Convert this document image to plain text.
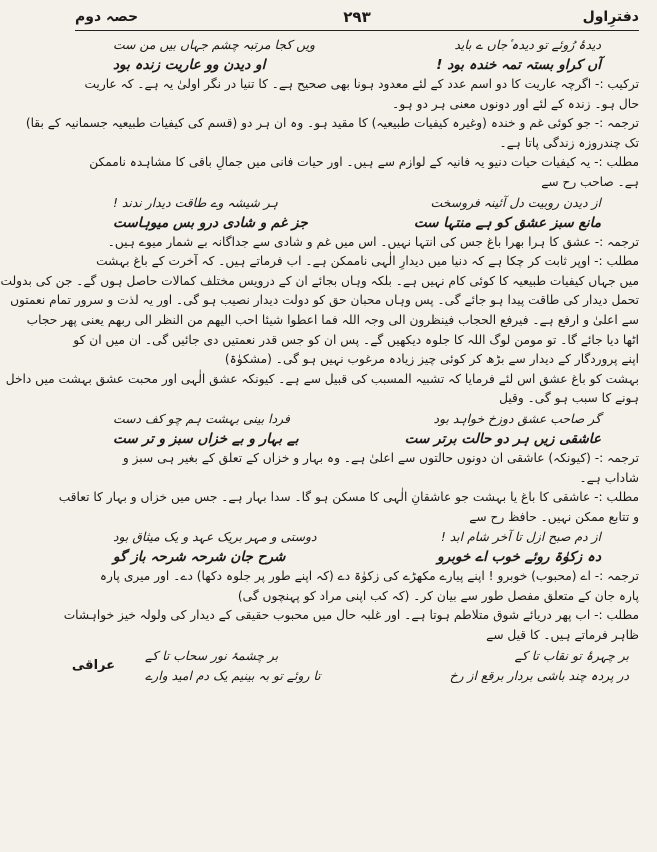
دفترِاول
۲۹۳
حصہ دوم
دیدۂ رُوئے تو دیدہ ٔجاں ے باید
ویں کجا مرتبہ چشم جہاں بیں من ست
آں کراو بستہ تمہ خندہ بود !
او دیدن وو عاریت زندہ بود
ترکیب :- اگرچہ عاریت کا دو اسم عدد کے لئے معدود ہونا بھی صحیح ہے۔ کا تنیا در نگر اولیٰ یہ ہے۔ کہ عاریت
حال ہو۔ زندہ کے لئے اور دونوں معنی ہر دو ہو۔
ترجمہ :- جو کوئی غم و خندہ (وغیرہ کیفیات طبیعیہ) کا مقید ہو۔ وہ ان ہر دو (قسم کی کیفیات طبیعیہ جسمانیہ کے بقا)
تک چندروزہ زندگی پاتا ہے۔
مطلب :- یہ کیفیات حیات دنیو یہ فانیہ کے لوازم سے ہیں۔ اور حیات فانی میں جمالِ باقی کا مشاہدہ ناممکن
ہے۔ صاحب رح سے
از دیدن روبیت دل آئینہ فروسخت
ہر شیشہ وے طاقت دیدار ندند !
مانع سبز عشق کو ہے منتہا ست
جز غم و شادی درو بس میوہاست
ترجمہ :- عشق کا ہرا بھرا باغ جس کی انتہا نہیں۔ اس میں غم و شادی سے جداگانہ بے شمار میوے ہیں۔
مطلب :- اوپر ثابت کر چکا ہے کہ دنیا میں دیدارِ الٰہی ناممکن ہے۔ اب فرماتے ہیں۔ کہ آخرت کے باغ بہشت
میں جہاں کیفیات طبیعیہ کا کوئی کام نہیں ہے۔ بلکہ وہاں بجائے ان کے درویس مختلف کمالات حاصل ہوں گے۔ جن کی بدولت
تحمل دیدار کی طاقت پیدا ہو جائے گی۔ پس وہاں محبان حق کو دولت دیدار نصیب ہو گی۔ اور یہ لذت و سرور تمام نعمتوں
سے اعلیٰ و ارفع ہے۔ فیرفع الحجاب فینظرون الی وجہ اللہ فما اعطوا شیئا احب الیھم من النظر الی ربھم یعنی پھر حجاب
اٹھا دیا جائے گا۔ تو مومن لوگ اللہ کا جلوہ دیکھیں گے۔ پس ان کو جس قدر نعمتیں دی جائیں گی۔ ان میں ان کو
اپنے پروردگار کے دیدار سے بڑھ کر کوئی چیز زیادہ مرغوب نہیں ہو گی۔ (مشکوٰۃ)
بہشت کو باغ عشق اس لئے فرمایا کہ تشبیہ المسبب کی قبیل سے ہے۔ کیونکہ عشق الٰہی اور محبت عشق بہشت میں داخل
ہونے کا سبب ہو گی۔ وقیل
گر صاحب عشق دوزخ خواہد بود
فردا بینی بہشت ہم چو کف دست
عاشقی زیں ہر دو حالت برتر ست
بے بہار و بے خزاں سبز و تر ست
ترجمہ :- (کیونکہ) عاشقی ان دونوں حالتوں سے اعلیٰ ہے۔ وہ بہار و خزاں کے تعلق کے بغیر ہی سبز و
شاداب ہے۔
مطلب :- عاشقی کا باغ یا بہشت جو عاشقانِ الٰہی کا مسکن ہو گا۔ سدا بہار ہے۔ جس میں خزاں و بہار کا تعاقب
و تتابع ممکن نہیں۔ حافظ رح سے
از دم صبح ازل تا آخر شام ابد !
دوستی و مہر بریک عہد و یک میثاق بود
دہ زکوٰۃ روئے خوب اے خوبرو
شرح جان شرحہ شرحہ باز گو
ترجمہ :- اے (محبوب) خوبرو ! اپنے پیارے مکھڑے کی زکوٰۃ دے (کہ اپنے طور پر جلوہ دکھا) دے۔ اور میری پارہ
پارہ جان کے متعلق مفصل طور سے بیان کر۔ (کہ کب اپنی مراد کو پہنچوں گی)
مطلب :- اب پھر دریائے شوق متلاطم ہوتا ہے۔ اور غلبہ حال میں محبوب حقیقی کے دیدار کی ولولہ خیز خواہشات
ظاہر فرماتے ہیں۔ کا قیل سے
بر چہرۂ تو نقاب تا کے
بر چشمۂ نور سحاب تا کے
در پردہ چند باشی بردار برقع از رخ
تا روئے تو بہ بینیم یک دم امید وارے
عراقی
